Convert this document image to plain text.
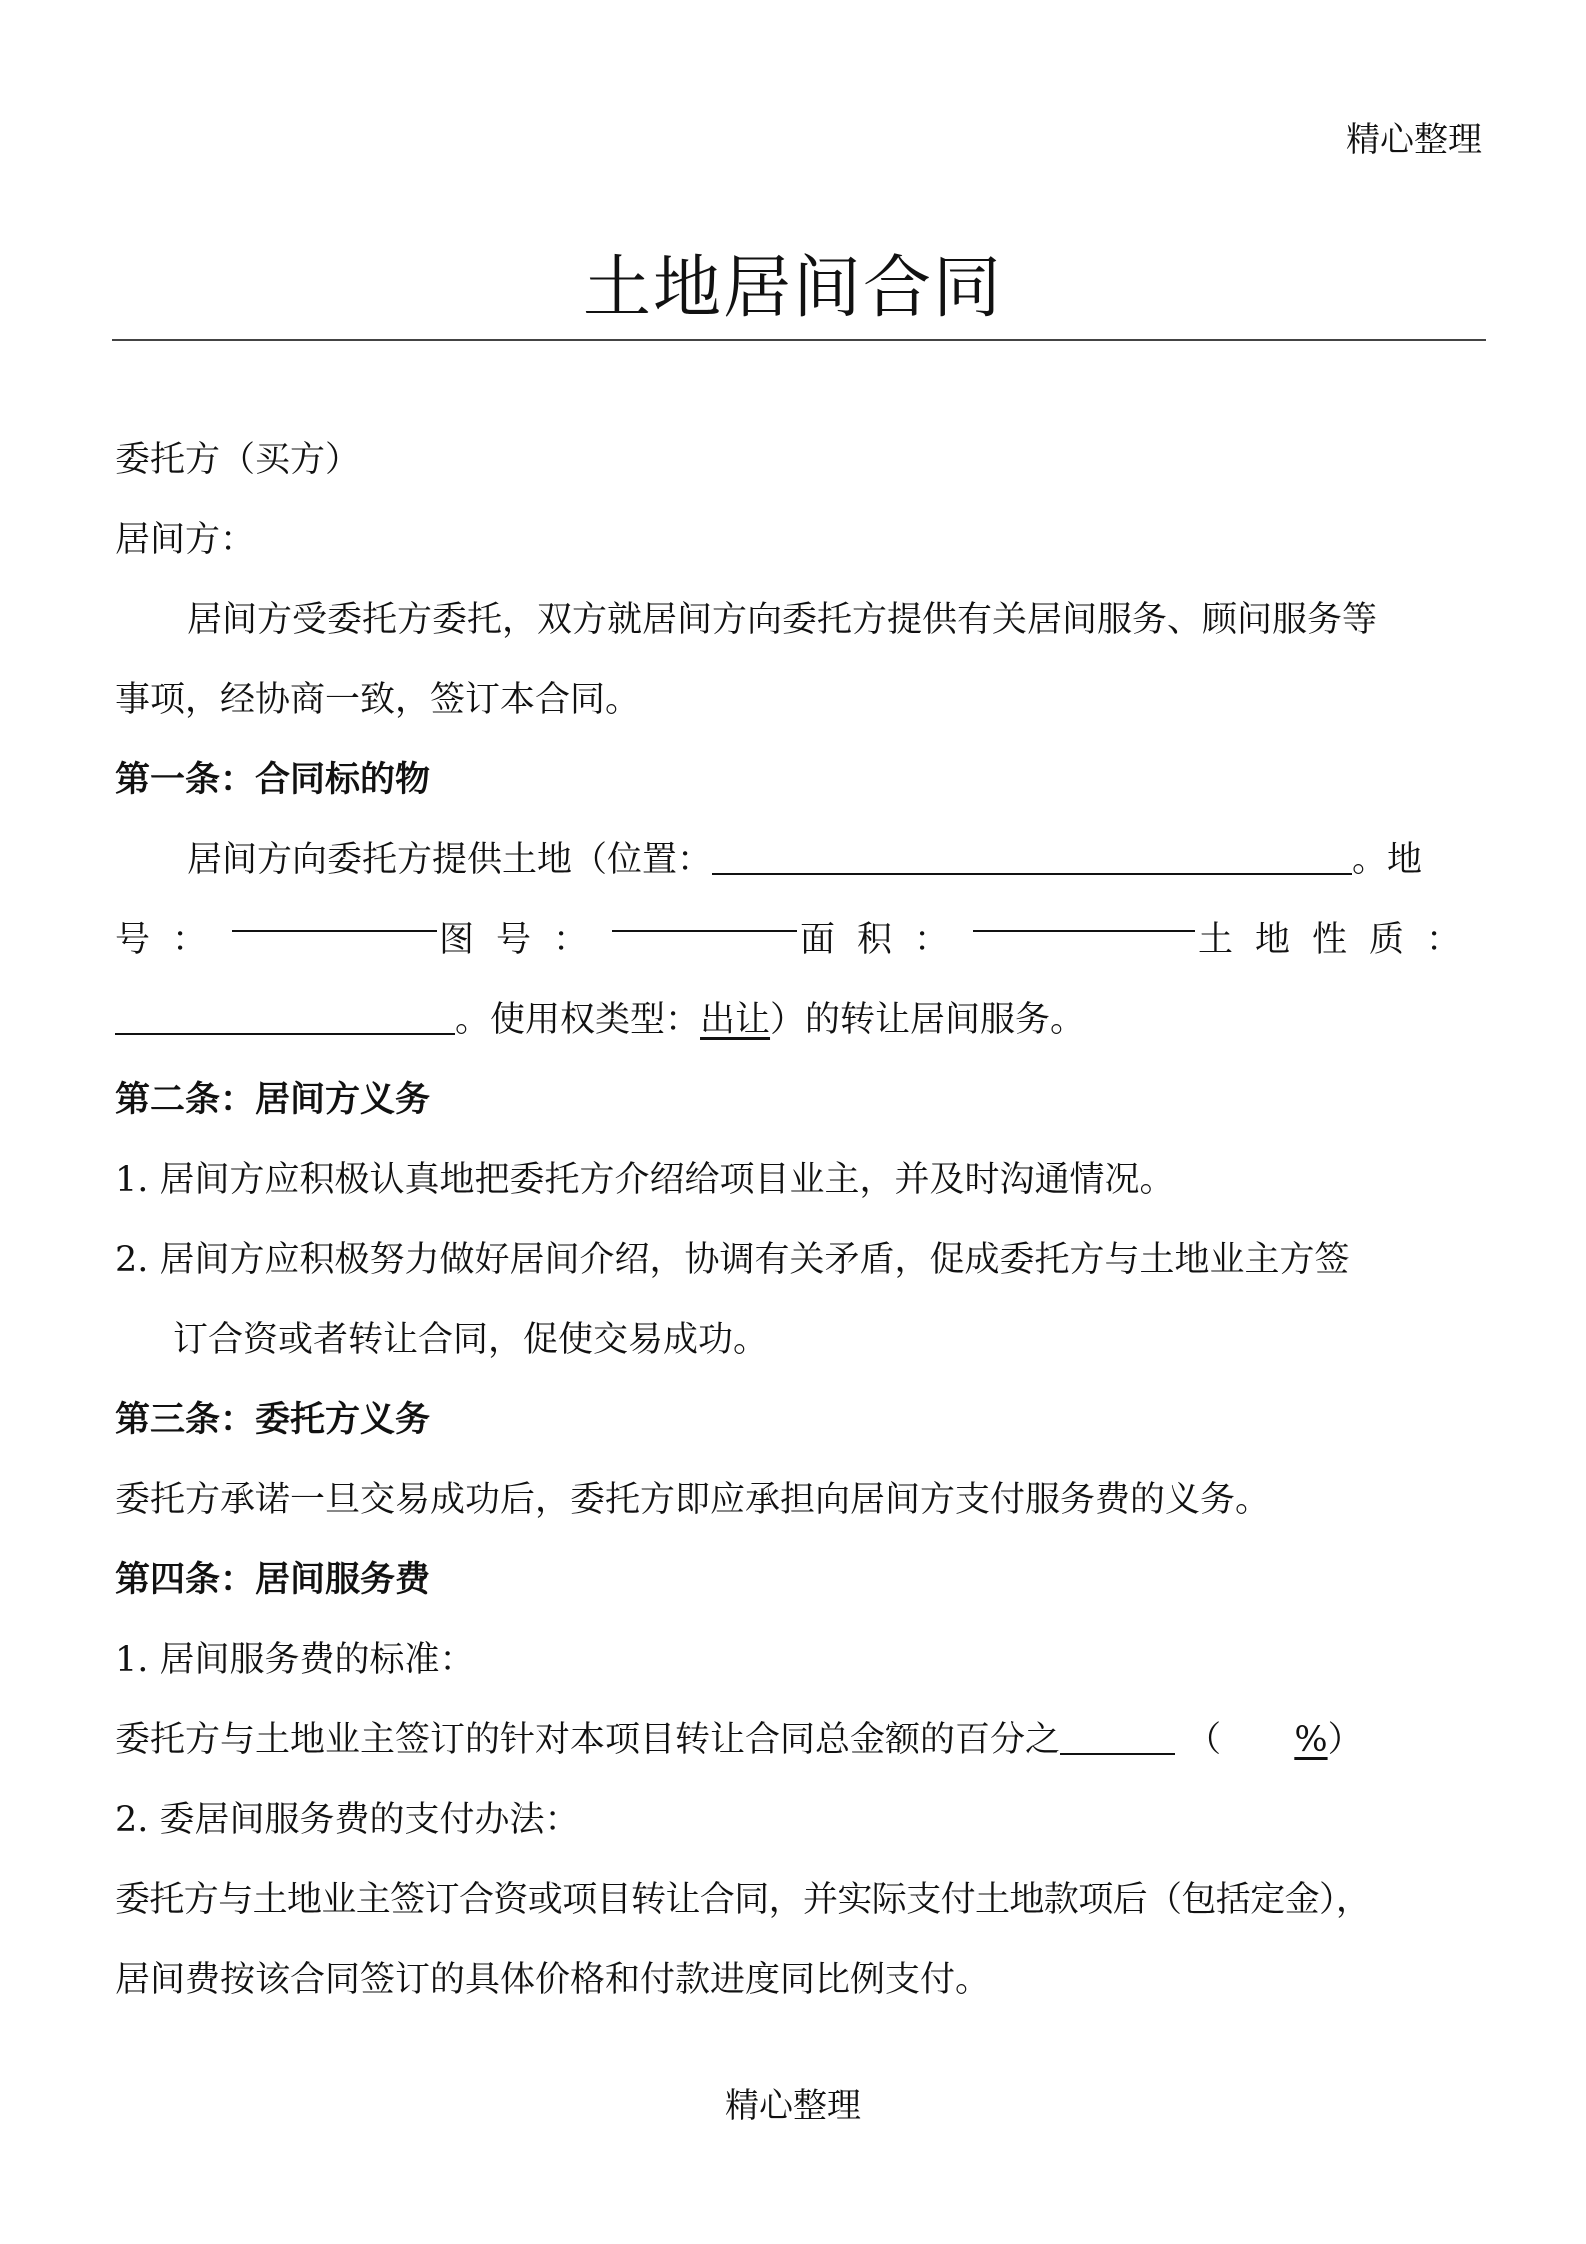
精心整理
土地居间合同
委托方（买方）
居间方：
居间方受委托方委托，双方就居间方向委托方提供有关居间服务、顾问服务等
事项，经协商一致，签订本合同。
第一条：合同标的物
居间方向委托方提供土地（位置：	。地
号：	图号：	面积：	土地性质：
。使用权类型：出让）的转让居间服务。
第二条：居间方义务
1. 居间方应积极认真地把委托方介绍给项目业主，并及时沟通情况。
2. 居间方应积极努力做好居间介绍，协调有关矛盾，促成委托方与土地业主方签
订合资或者转让合同，促使交易成功。
第三条：委托方义务
委托方承诺一旦交易成功后，委托方即应承担向居间方支付服务费的义务。
第四条：居间服务费
1. 居间服务费的标准：
委托方与土地业主签订的针对本项目转让合同总金额的百分之	（ %）
2. 委居间服务费的支付办法：
委托方与土地业主签订合资或项目转让合同，并实际支付土地款项后（包括定金），
居间费按该合同签订的具体价格和付款进度同比例支付。
精心整理
